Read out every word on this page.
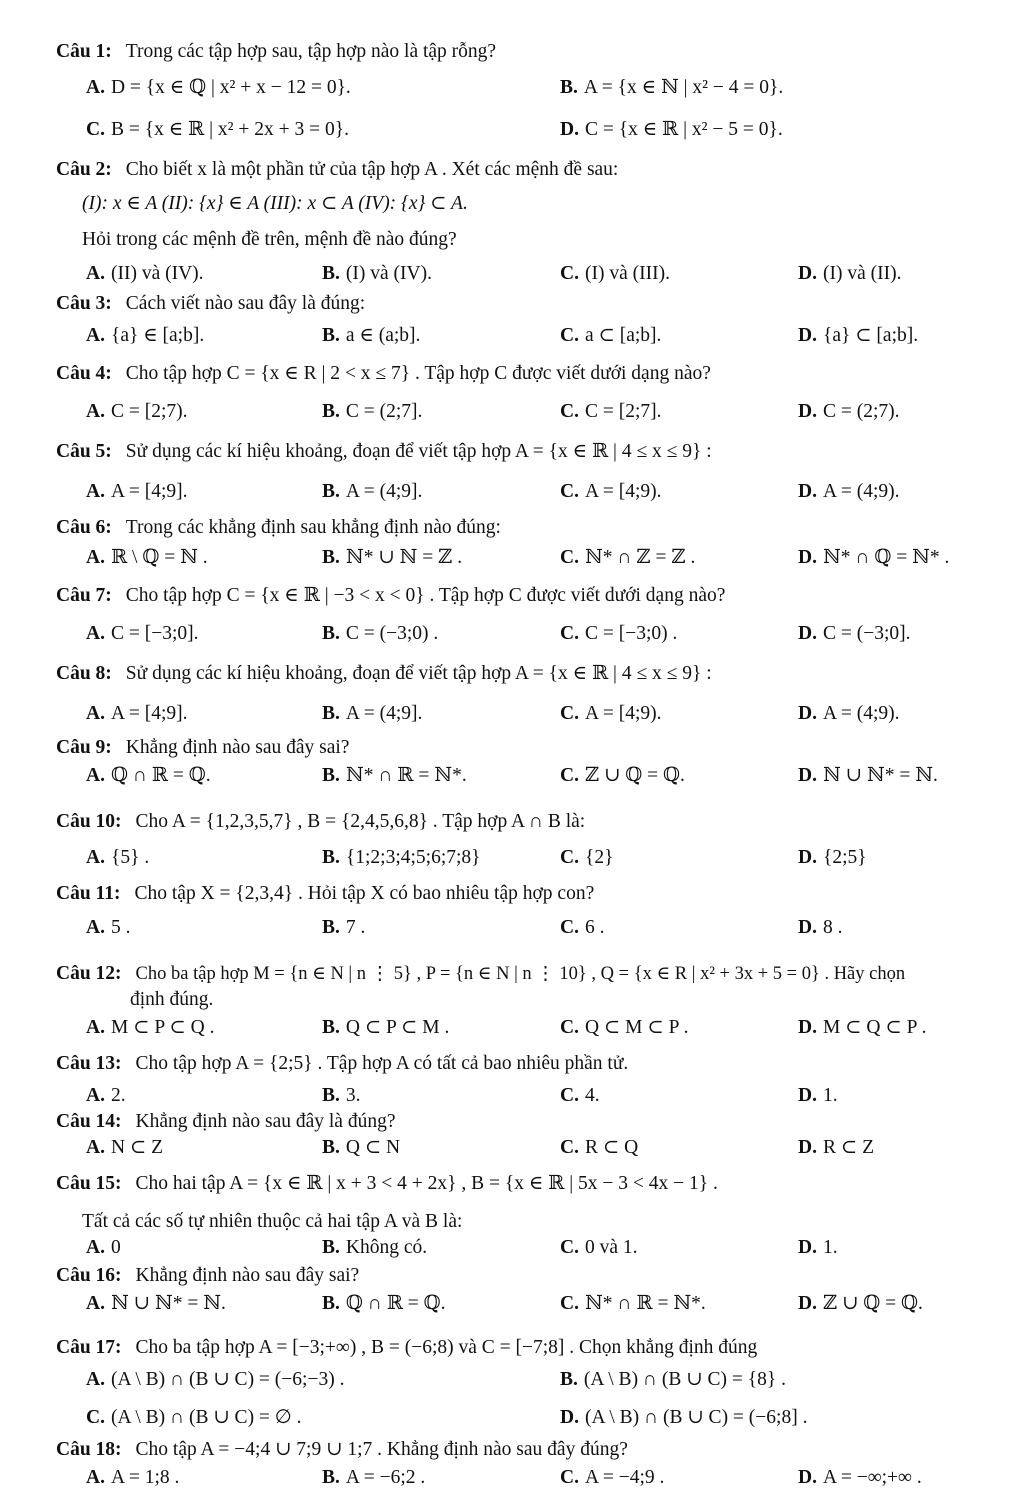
Câu 1: Trong các tập hợp sau, tập hợp nào là tập rỗng?
A. D = {x ∈ ℚ | x² + x − 12 = 0}.	B. A = {x ∈ ℕ | x² − 4 = 0}.
C. B = {x ∈ ℝ | x² + 2x + 3 = 0}.	D. C = {x ∈ ℝ | x² − 5 = 0}.
Câu 2: Cho biết x là một phần tử của tập hợp A . Xét các mệnh đề sau:
(I): x ∈ A (II): {x} ∈ A (III): x ⊂ A (IV): {x} ⊂ A.
Hỏi trong các mệnh đề trên, mệnh đề nào đúng?
A. (II) và (IV).	B. (I) và (IV).	C. (I) và (III).	D. (I) và (II).
Câu 3: Cách viết nào sau đây là đúng:
A. {a} ∈ [a;b].	B. a ∈ (a;b].	C. a ⊂ [a;b].	D. {a} ⊂ [a;b].
Câu 4: Cho tập hợp C = {x ∈ R | 2 < x ≤ 7} . Tập hợp C được viết dưới dạng nào?
A. C = [2;7).	B. C = (2;7].	C. C = [2;7].	D. C = (2;7).
Câu 5: Sử dụng các kí hiệu khoảng, đoạn để viết tập hợp A = {x ∈ ℝ | 4 ≤ x ≤ 9} :
A. A = [4;9].	B. A = (4;9].	C. A = [4;9).	D. A = (4;9).
Câu 6: Trong các khẳng định sau khẳng định nào đúng:
A. ℝ \ ℚ = ℕ .	B. ℕ* ∪ ℕ = ℤ .	C. ℕ* ∩ ℤ = ℤ .	D. ℕ* ∩ ℚ = ℕ* .
Câu 7: Cho tập hợp C = {x ∈ ℝ | −3 < x < 0} . Tập hợp C được viết dưới dạng nào?
A. C = [−3;0].	B. C = (−3;0) .	C. C = [−3;0) .	D. C = (−3;0].
Câu 8: Sử dụng các kí hiệu khoảng, đoạn để viết tập hợp A = {x ∈ ℝ | 4 ≤ x ≤ 9} :
A. A = [4;9].	B. A = (4;9].	C. A = [4;9).	D. A = (4;9).
Câu 9: Khẳng định nào sau đây sai?
A. ℚ ∩ ℝ = ℚ.	B. ℕ* ∩ ℝ = ℕ*.	C. ℤ ∪ ℚ = ℚ.	D. ℕ ∪ ℕ* = ℕ.
Câu 10: Cho A = {1,2,3,5,7} , B = {2,4,5,6,8} . Tập hợp A ∩ B là:
A. {5} .	B. {1;2;3;4;5;6;7;8}	C. {2}	D. {2;5}
Câu 11: Cho tập X = {2,3,4} . Hỏi tập X có bao nhiêu tập hợp con?
A. 5 .	B. 7 .	C. 6 .	D. 8 .
Câu 12: Cho ba tập hợp M = {n ∈ N | n ⋮ 5} , P = {n ∈ N | n ⋮ 10} , Q = {x ∈ R | x² + 3x + 5 = 0} . Hãy chọn
định đúng.
A. M ⊂ P ⊂ Q .	B. Q ⊂ P ⊂ M .	C. Q ⊂ M ⊂ P .	D. M ⊂ Q ⊂ P .
Câu 13: Cho tập hợp A = {2;5} . Tập hợp A có tất cả bao nhiêu phần tử.
A. 2.	B. 3.	C. 4.	D. 1.
Câu 14: Khẳng định nào sau đây là đúng?
A. N ⊂ Z	B. Q ⊂ N	C. R ⊂ Q	D. R ⊂ Z
Câu 15: Cho hai tập A = {x ∈ ℝ | x + 3 < 4 + 2x} , B = {x ∈ ℝ | 5x − 3 < 4x − 1} .
Tất cả các số tự nhiên thuộc cả hai tập A và B là:
A. 0	B. Không có.	C. 0 và 1.	D. 1.
Câu 16: Khẳng định nào sau đây sai?
A. ℕ ∪ ℕ* = ℕ.	B. ℚ ∩ ℝ = ℚ.	C. ℕ* ∩ ℝ = ℕ*.	D. ℤ ∪ ℚ = ℚ.
Câu 17: Cho ba tập hợp A = [−3;+∞) , B = (−6;8) và C = [−7;8] . Chọn khẳng định đúng
A. (A \ B) ∩ (B ∪ C) = (−6;−3) .	B. (A \ B) ∩ (B ∪ C) = {8} .
C. (A \ B) ∩ (B ∪ C) = ∅ .	D. (A \ B) ∩ (B ∪ C) = (−6;8] .
Câu 18: Cho tập A = −4;4 ∪ 7;9 ∪ 1;7 . Khẳng định nào sau đây đúng?
A. A = 1;8 .	B. A = −6;2 .	C. A = −4;9 .	D. A = −∞;+∞ .
